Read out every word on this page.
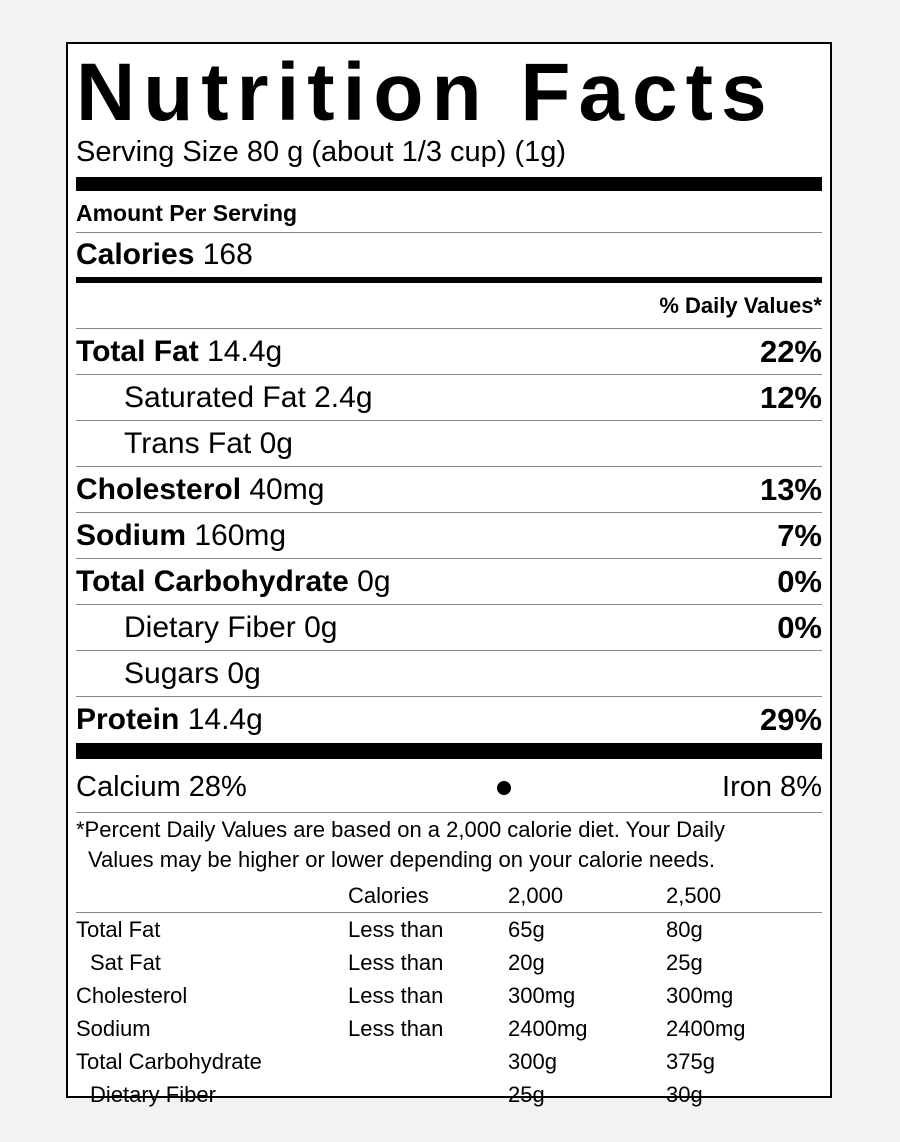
Nutrition Facts
Serving Size 80 g (about 1/3 cup) (1g)
Amount Per Serving
Calories 168
% Daily Values*
Total Fat 14.4g	22%
Saturated Fat 2.4g	12%
Trans Fat 0g
Cholesterol 40mg	13%
Sodium 160mg	7%
Total Carbohydrate 0g	0%
Dietary Fiber 0g	0%
Sugars 0g
Protein 14.4g	29%
Calcium 28%	Iron 8%
*Percent Daily Values are based on a 2,000 calorie diet. Your Daily
Values may be higher or lower depending on your calorie needs.
	Calories	2,000	2,500
Total Fat	Less than	65g	80g
Sat Fat	Less than	20g	25g
Cholesterol	Less than	300mg	300mg
Sodium	Less than	2400mg	2400mg
Total Carbohydrate		300g	375g
Dietary Fiber		25g	30g
